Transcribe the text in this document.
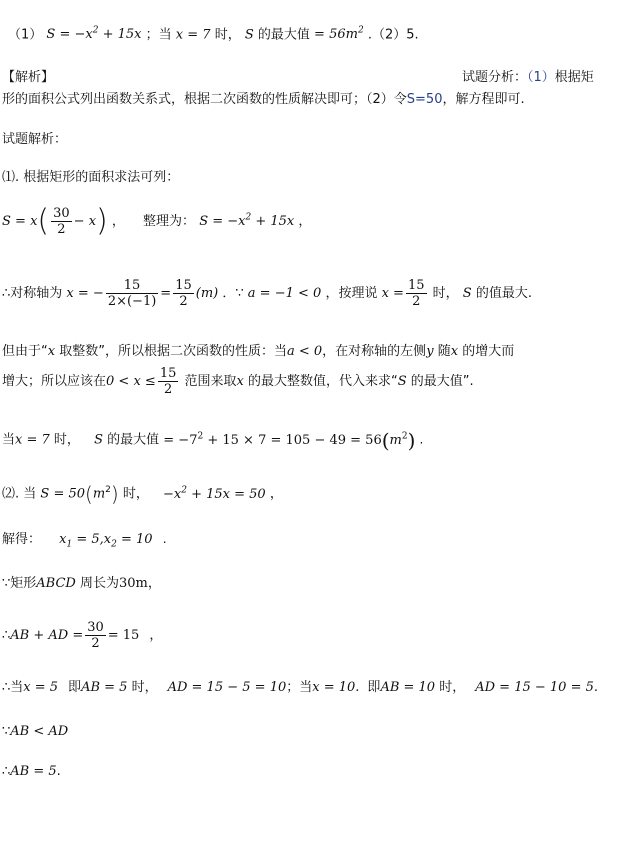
（1） $S = -x^2 + 15x$ ；当 x = 7 时， S 的最大值 = $56m^2$ .（2）5.
【解析】	试题分析：（1）根据矩
形的面积公式列出函数关系式，根据二次函数的性质解决即可；（2）令S=50，解方程即可.
试题解析：
⑴. 根据矩形的面积求法可列：
$S = x( \frac{30}{2} - x)$ ， 整理为： $S = -x^2 + 15x$ ，
∴对称轴为 x = − $\frac{15}{2\times(-1)} = \frac{15}{2} (m)$ ．∵ a = −1 < 0 ，按理说 $x = \frac{15}{2}$ 时， S 的值最大.
但由于“x 取整数”，所以根据二次函数的性质：当a < 0，在对称轴的左侧y 随x 的增大而
增大；所以应该在$0 < x \le \frac{15}{2}$ 范围来取x 的最大整数值，代入来求“S 的最大值”.
当x = 7 时， S 的最大值 = $-7^2 + 15 \times 7 = 105 - 49 = 56(m^2)$ .
⑵. 当 $S = 50(m^2)$ 时， $-x^2 + 15x = 50$ ，
解得： $x_1 = 5,x_2 = 10$ .
∵矩形ABCD 周长为30m，
∴AB + AD = $\frac{30}{2} = 15$ ，
∴当x = 5 即AB = 5 时， AD = 15 − 5 = 10；当x = 10. 即AB = 10 时， AD = 15 − 10 = 5.
∵AB < AD
∴AB = 5.
